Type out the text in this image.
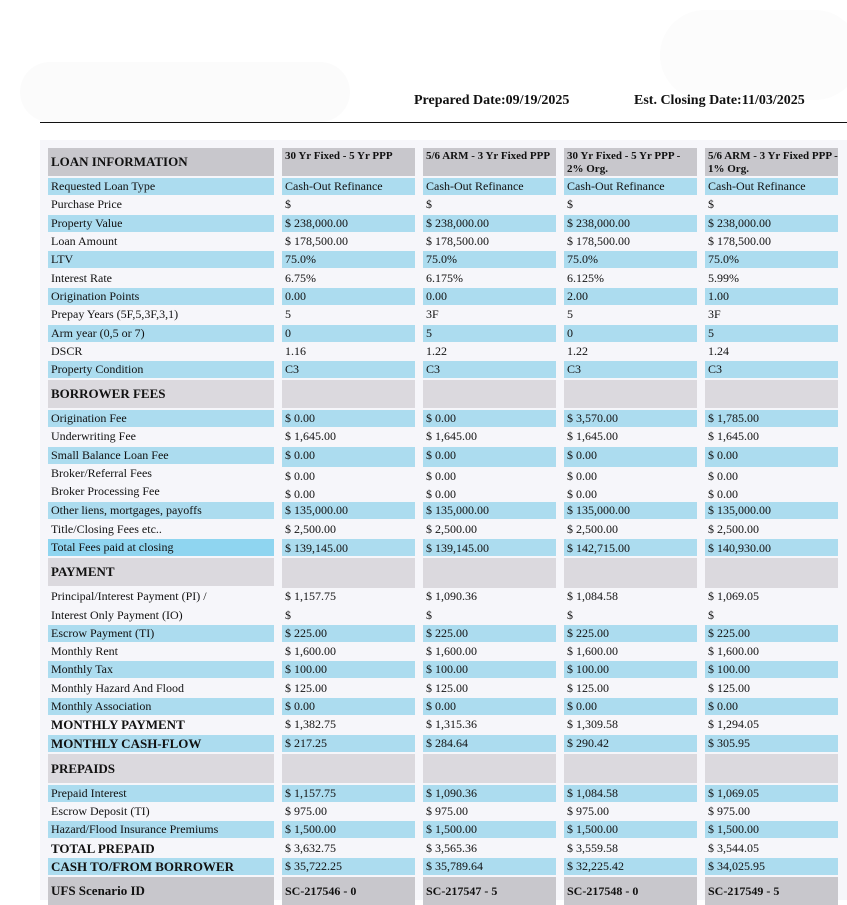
Prepared Date:09/19/2025	Est. Closing Date:11/03/2025
LOAN INFORMATION
Requested Loan Type
Purchase Price
Property Value
Loan Amount
LTV
Interest Rate
Origination Points
Prepay Years (5F,5,3F,3,1)
Arm year (0,5 or 7)
DSCR
Property Condition
BORROWER FEES
Origination Fee
Underwriting Fee
Small Balance Loan Fee
Broker/Referral Fees
Broker Processing Fee
Other liens, mortgages, payoffs
Title/Closing Fees etc..
Total Fees paid at closing
PAYMENT
Principal/Interest Payment (PI) /
Interest Only Payment (IO)
Escrow Payment (TI)
Monthly Rent
Monthly Tax
Monthly Hazard And Flood
Monthly Association
MONTHLY PAYMENT
MONTHLY CASH-FLOW
PREPAIDS
Prepaid Interest
Escrow Deposit (TI)
Hazard/Flood Insurance Premiums
TOTAL PREPAID
CASH TO/FROM BORROWER
UFS Scenario ID
30 Yr Fixed - 5 Yr PPP
Cash-Out Refinance
$
$ 238,000.00
$ 178,500.00
75.0%
6.75%
0.00
5
0
1.16
C3
$ 0.00
$ 1,645.00
$ 0.00
$ 0.00
$ 0.00
$ 135,000.00
$ 2,500.00
$ 139,145.00
$ 1,157.75
$
$ 225.00
$ 1,600.00
$ 100.00
$ 125.00
$ 0.00
$ 1,382.75
$ 217.25
$ 1,157.75
$ 975.00
$ 1,500.00
$ 3,632.75
$ 35,722.25
SC-217546 - 0
5/6 ARM - 3 Yr Fixed PPP
Cash-Out Refinance
$
$ 238,000.00
$ 178,500.00
75.0%
6.175%
0.00
3F
5
1.22
C3
$ 0.00
$ 1,645.00
$ 0.00
$ 0.00
$ 0.00
$ 135,000.00
$ 2,500.00
$ 139,145.00
$ 1,090.36
$
$ 225.00
$ 1,600.00
$ 100.00
$ 125.00
$ 0.00
$ 1,315.36
$ 284.64
$ 1,090.36
$ 975.00
$ 1,500.00
$ 3,565.36
$ 35,789.64
SC-217547 - 5
30 Yr Fixed - 5 Yr PPP - 2% Org.
Cash-Out Refinance
$
$ 238,000.00
$ 178,500.00
75.0%
6.125%
2.00
5
0
1.22
C3
$ 3,570.00
$ 1,645.00
$ 0.00
$ 0.00
$ 0.00
$ 135,000.00
$ 2,500.00
$ 142,715.00
$ 1,084.58
$
$ 225.00
$ 1,600.00
$ 100.00
$ 125.00
$ 0.00
$ 1,309.58
$ 290.42
$ 1,084.58
$ 975.00
$ 1,500.00
$ 3,559.58
$ 32,225.42
SC-217548 - 0
5/6 ARM - 3 Yr Fixed PPP - 1% Org.
Cash-Out Refinance
$
$ 238,000.00
$ 178,500.00
75.0%
5.99%
1.00
3F
5
1.24
C3
$ 1,785.00
$ 1,645.00
$ 0.00
$ 0.00
$ 0.00
$ 135,000.00
$ 2,500.00
$ 140,930.00
$ 1,069.05
$
$ 225.00
$ 1,600.00
$ 100.00
$ 125.00
$ 0.00
$ 1,294.05
$ 305.95
$ 1,069.05
$ 975.00
$ 1,500.00
$ 3,544.05
$ 34,025.95
SC-217549 - 5
